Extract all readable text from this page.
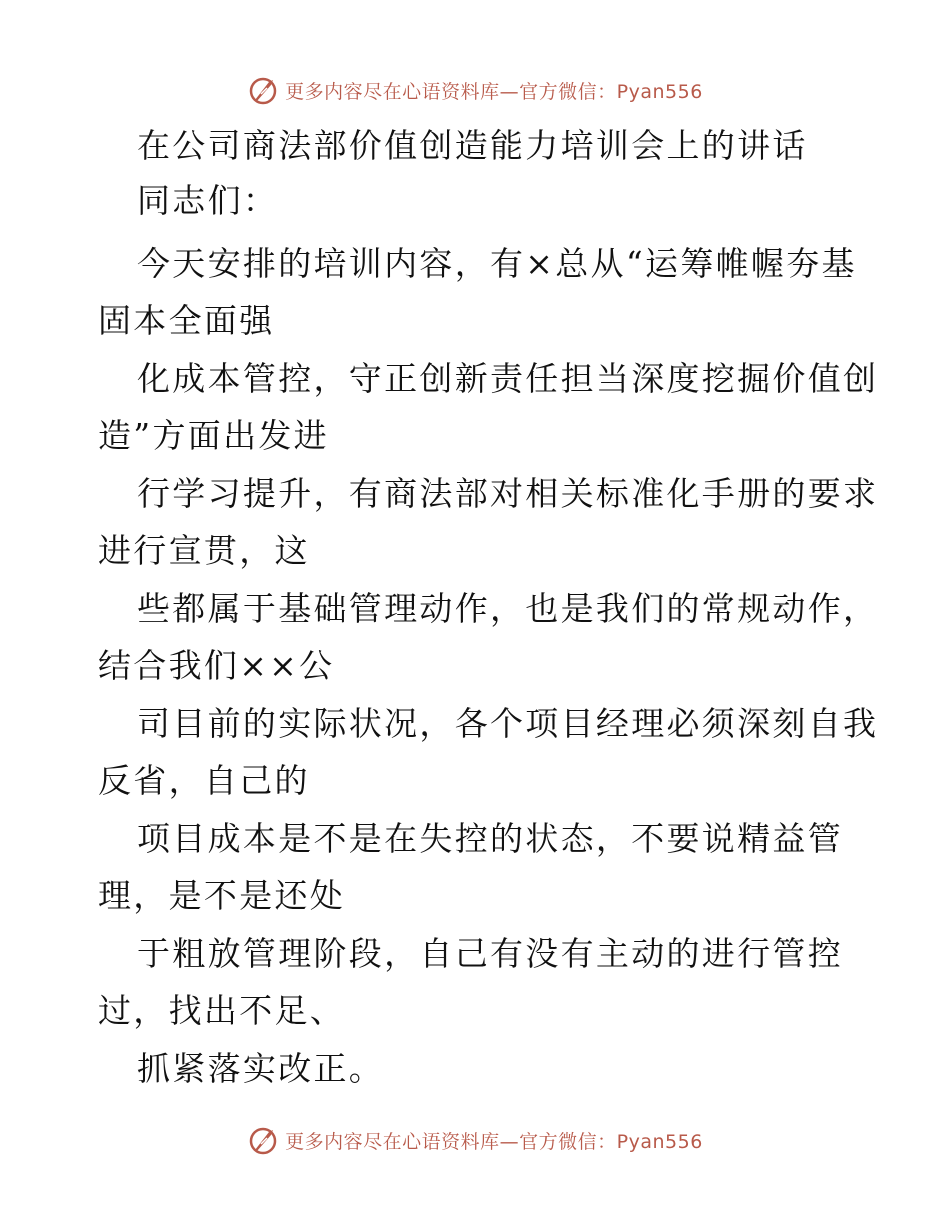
更多内容尽在心语资料库—官方微信：Pyan556
在公司商法部价值创造能力培训会上的讲话
同志们：
今天安排的培训内容，有×总从“运筹帷幄夯基
固本全面强
化成本管控，守正创新责任担当深度挖掘价值创
造”方面出发进
行学习提升，有商法部对相关标准化手册的要求
进行宣贯，这
些都属于基础管理动作，也是我们的常规动作，
结合我们××公
司目前的实际状况，各个项目经理必须深刻自我
反省，自己的
项目成本是不是在失控的状态，不要说精益管
理，是不是还处
于粗放管理阶段，自己有没有主动的进行管控
过，找出不足、
抓紧落实改正。
更多内容尽在心语资料库—官方微信：Pyan556
